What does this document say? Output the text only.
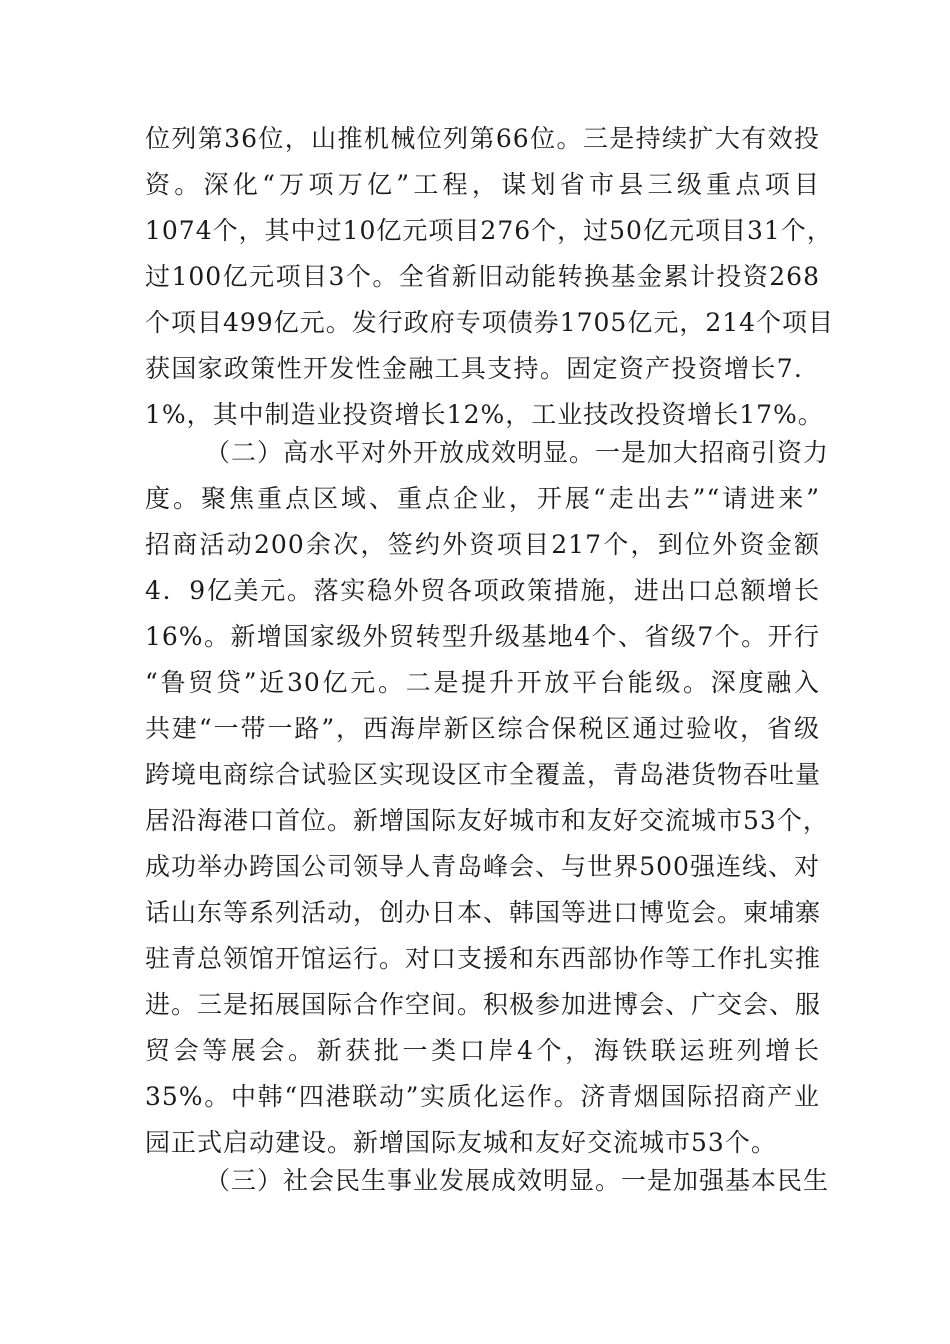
位列第36位，山推机械位列第66位。三是持续扩大有效投
资。深化“万项万亿”工程，谋划省市县三级重点项目
1074个，其中过10亿元项目276个，过50亿元项目31个，
过100亿元项目3个。全省新旧动能转换基金累计投资268
个项目499亿元。发行政府专项债券1705亿元，214个项目
获国家政策性开发性金融工具支持。固定资产投资增长7．
1%，其中制造业投资增长12%，工业技改投资增长17%。
（二）高水平对外开放成效明显。一是加大招商引资力
度。聚焦重点区域、重点企业，开展“走出去”“请进来”
招商活动200余次，签约外资项目217个，到位外资金额
4．9亿美元。落实稳外贸各项政策措施，进出口总额增长
16%。新增国家级外贸转型升级基地4个、省级7个。开行
“鲁贸贷”近30亿元。二是提升开放平台能级。深度融入
共建“一带一路”，西海岸新区综合保税区通过验收，省级
跨境电商综合试验区实现设区市全覆盖，青岛港货物吞吐量
居沿海港口首位。新增国际友好城市和友好交流城市53个，
成功举办跨国公司领导人青岛峰会、与世界500强连线、对
话山东等系列活动，创办日本、韩国等进口博览会。柬埔寨
驻青总领馆开馆运行。对口支援和东西部协作等工作扎实推
进。三是拓展国际合作空间。积极参加进博会、广交会、服
贸会等展会。新获批一类口岸4个，海铁联运班列增长
35%。中韩“四港联动”实质化运作。济青烟国际招商产业
园正式启动建设。新增国际友城和友好交流城市53个。
（三）社会民生事业发展成效明显。一是加强基本民生
